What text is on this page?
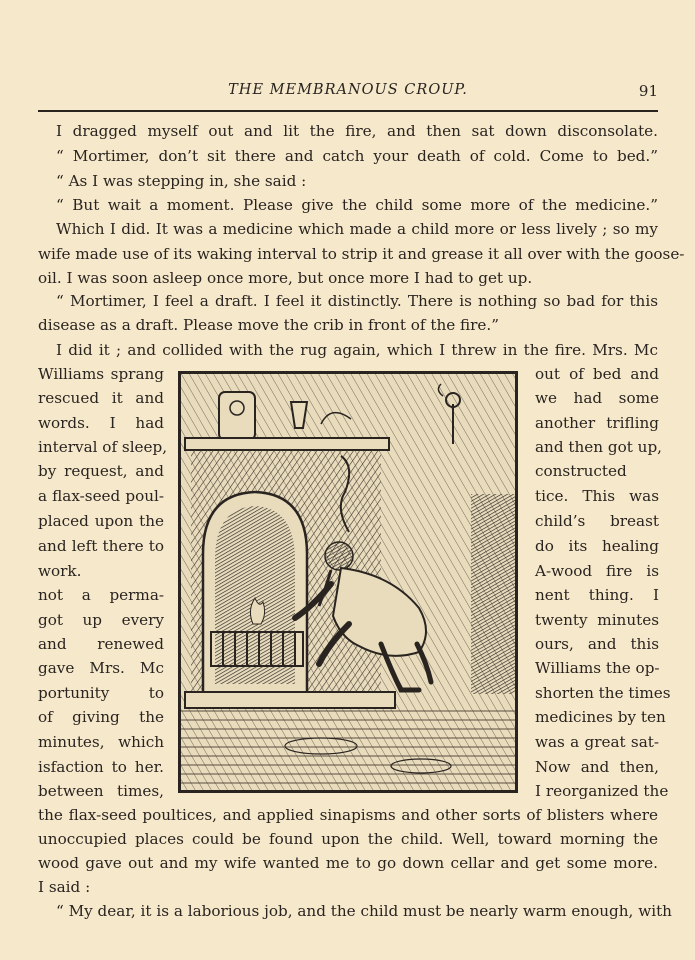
THE MEMBRANOUS CROUP.	91
I dragged myself out and lit the fire, and then sat down disconsolate.
“ Mortimer, don’t sit there and catch your death of cold. Come to bed.”
“ As I was stepping in, she said :
“ But wait a moment. Please give the child some more of the medicine.”
Which I did. It was a medicine which made a child more or less lively ; so my
wife made use of its waking interval to strip it and grease it all over with the goose-
oil. I was soon asleep once more, but once more I had to get up.
“ Mortimer, I feel a draft. I feel it distinctly. There is nothing so bad for this
disease as a draft. Please move the crib in front of the fire.”
I did it ; and collided with the rug again, which I threw in the fire. Mrs. Mc
Williams sprang
rescued it and
words. I had
interval of sleep,
by request, and
a flax-seed poul-
placed upon the
and left there to
work.
not a perma-
got up every
and renewed
gave Mrs. Mc
portunity to
of giving the
minutes, which
isfaction to her.
between times,
out of bed and
we had some
another trifling
and then got up,
constructed
tice. This was
child’s breast
do its healing
A-wood fire is
nent thing. I
twenty minutes
ours, and this
Williams the op-
shorten the times
medicines by ten
was a great sat-
Now and then,
I reorganized the
the flax-seed poultices, and applied sinapisms and other sorts of blisters where
unoccupied places could be found upon the child. Well, toward morning the
wood gave out and my wife wanted me to go down cellar and get some more.
I said :
“ My dear, it is a laborious job, and the child must be nearly warm enough, with
